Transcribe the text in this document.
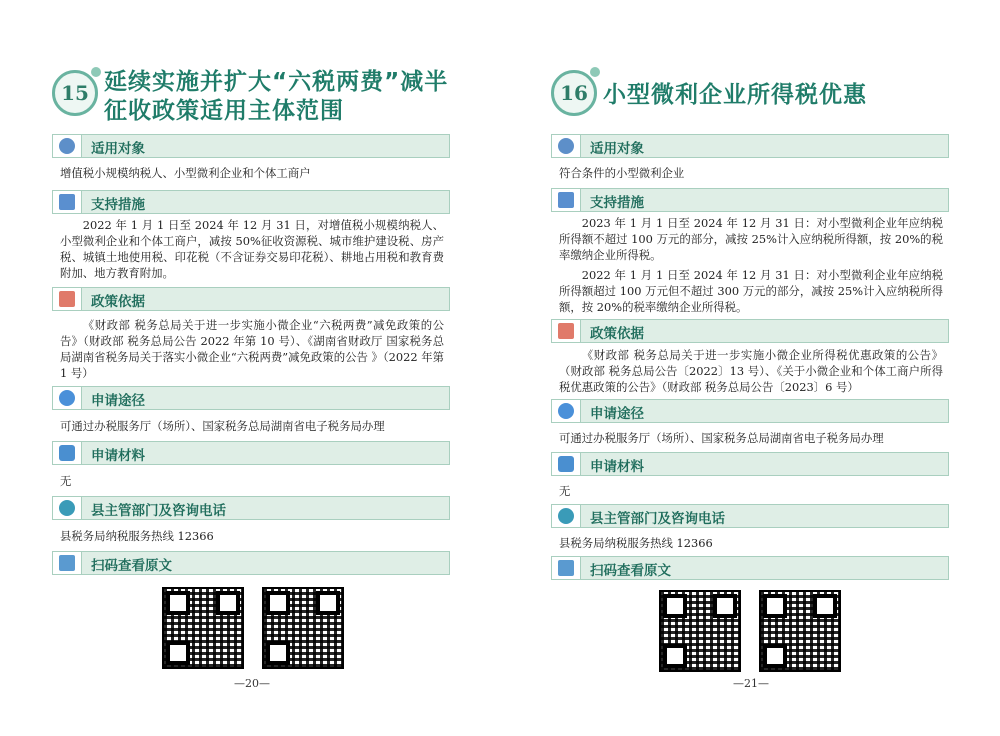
15 延续实施并扩大“六税两费”减半征收政策适用主体范围
适用对象
增值税小规模纳税人、小型微利企业和个体工商户
支持措施
2022 年 1 月 1 日至 2024 年 12 月 31 日，对增值税小规模纳税人、小型微利企业和个体工商户，减按 50%征收资源税、城市维护建设税、房产税、城镇土地使用税、印花税（不含证券交易印花税）、耕地占用税和教育费附加、地方教育附加。
政策依据
《财政部 税务总局关于进一步实施小微企业“六税两费”减免政策的公告》（财政部 税务总局公告 2022 年第 10 号）、《湖南省财政厅 国家税务总局湖南省税务局关于落实小微企业“六税两费”减免政策的公告 》（2022 年第 1 号）
申请途径
可通过办税服务厅（场所）、国家税务总局湖南省电子税务局办理
申请材料
无
县主管部门及咨询电话
县税务局纳税服务热线 12366
扫码查看原文
—20—
16 小型微利企业所得税优惠
适用对象
符合条件的小型微利企业
支持措施
2023 年 1 月 1 日至 2024 年 12 月 31 日：对小型微利企业年应纳税所得额不超过 100 万元的部分，减按 25%计入应纳税所得额，按 20%的税率缴纳企业所得税。
2022 年 1 月 1 日至 2024 年 12 月 31 日：对小型微利企业年应纳税所得额超过 100 万元但不超过 300 万元的部分，减按 25%计入应纳税所得额，按 20%的税率缴纳企业所得税。
政策依据
《财政部 税务总局关于进一步实施小微企业所得税优惠政策的公告》（财政部 税务总局公告〔2022〕13 号）、《关于小微企业和个体工商户所得税优惠政策的公告》（财政部 税务总局公告〔2023〕6 号）
申请途径
可通过办税服务厅（场所）、国家税务总局湖南省电子税务局办理
申请材料
无
县主管部门及咨询电话
县税务局纳税服务热线 12366
扫码查看原文
—21—
